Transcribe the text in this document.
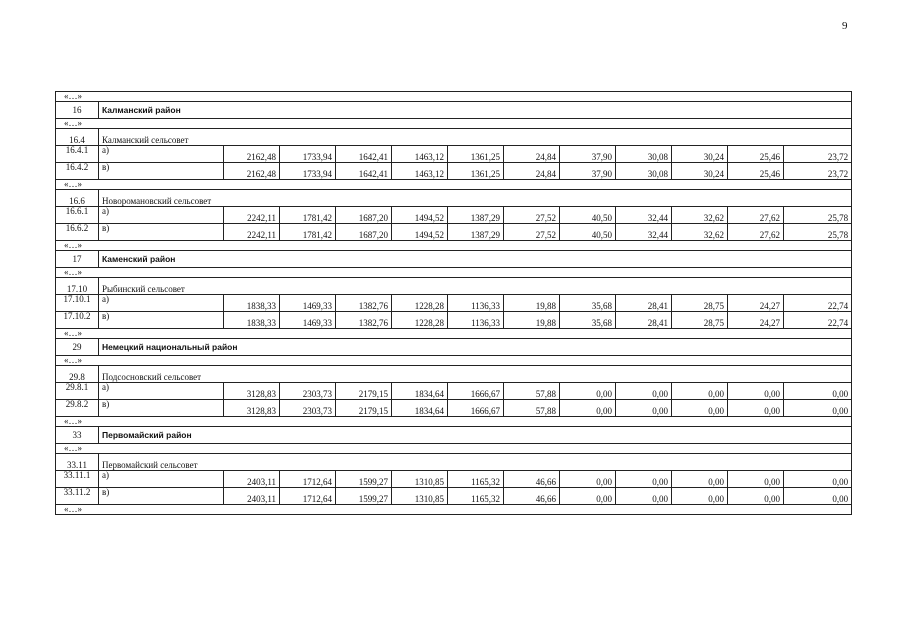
9
«…»												
16	Калманский район											
«…»												
16.4	Калманский сельсовет											
16.4.1	а)	2162,48	1733,94	1642,41	1463,12	1361,25	24,84	37,90	30,08	30,24	25,46	23,72
16.4.2	в)	2162,48	1733,94	1642,41	1463,12	1361,25	24,84	37,90	30,08	30,24	25,46	23,72
«…»												
16.6	Новоромановский сельсовет											
16.6.1	а)	2242,11	1781,42	1687,20	1494,52	1387,29	27,52	40,50	32,44	32,62	27,62	25,78
16.6.2	в)	2242,11	1781,42	1687,20	1494,52	1387,29	27,52	40,50	32,44	32,62	27,62	25,78
«…»												
17	Каменский район											
«…»												
17.10	Рыбинский сельсовет											
17.10.1	а)	1838,33	1469,33	1382,76	1228,28	1136,33	19,88	35,68	28,41	28,75	24,27	22,74
17.10.2	в)	1838,33	1469,33	1382,76	1228,28	1136,33	19,88	35,68	28,41	28,75	24,27	22,74
«…»												
29	Немецкий национальный район											
«…»												
29.8	Подсосновский сельсовет											
29.8.1	а)	3128,83	2303,73	2179,15	1834,64	1666,67	57,88	0,00	0,00	0,00	0,00	0,00
29.8.2	в)	3128,83	2303,73	2179,15	1834,64	1666,67	57,88	0,00	0,00	0,00	0,00	0,00
«…»												
33	Первомайский район											
«…»												
33.11	Первомайский сельсовет											
33.11.1	а)	2403,11	1712,64	1599,27	1310,85	1165,32	46,66	0,00	0,00	0,00	0,00	0,00
33.11.2	в)	2403,11	1712,64	1599,27	1310,85	1165,32	46,66	0,00	0,00	0,00	0,00	0,00
«…»												
